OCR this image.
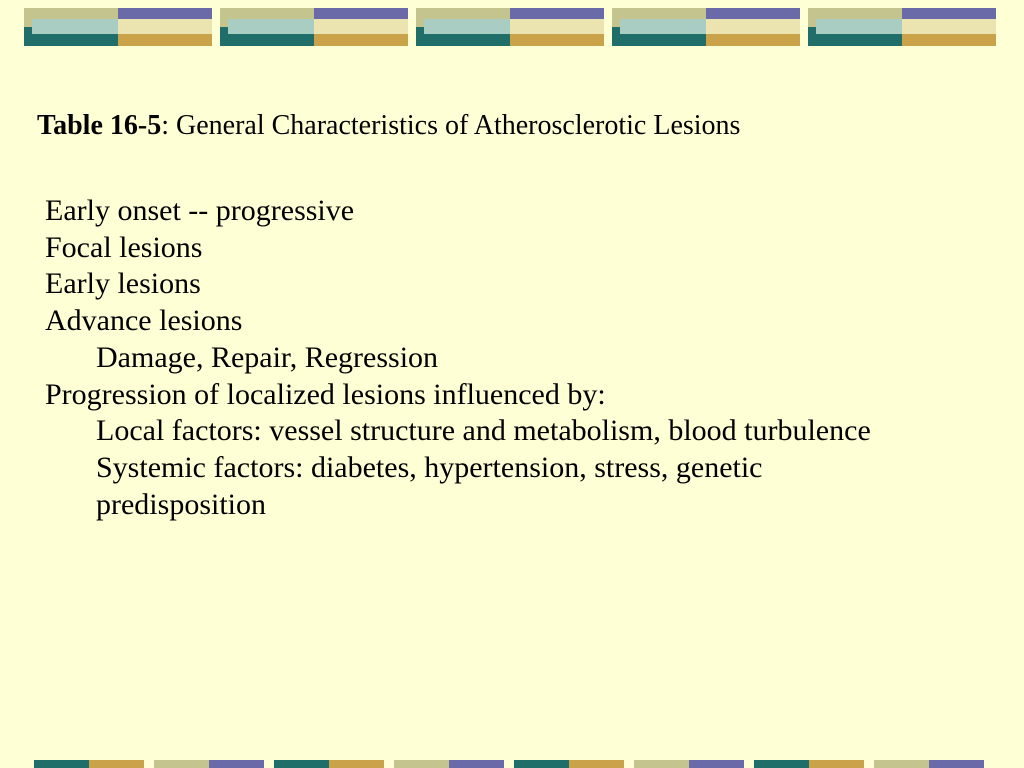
Table 16-5: General Characteristics of Atherosclerotic Lesions
Early onset -- progressive
Focal lesions
Early lesions
Advance lesions
Damage, Repair, Regression
Progression of localized lesions influenced by:
Local factors: vessel structure and metabolism, blood turbulence
Systemic factors: diabetes, hypertension, stress, genetic predisposition
